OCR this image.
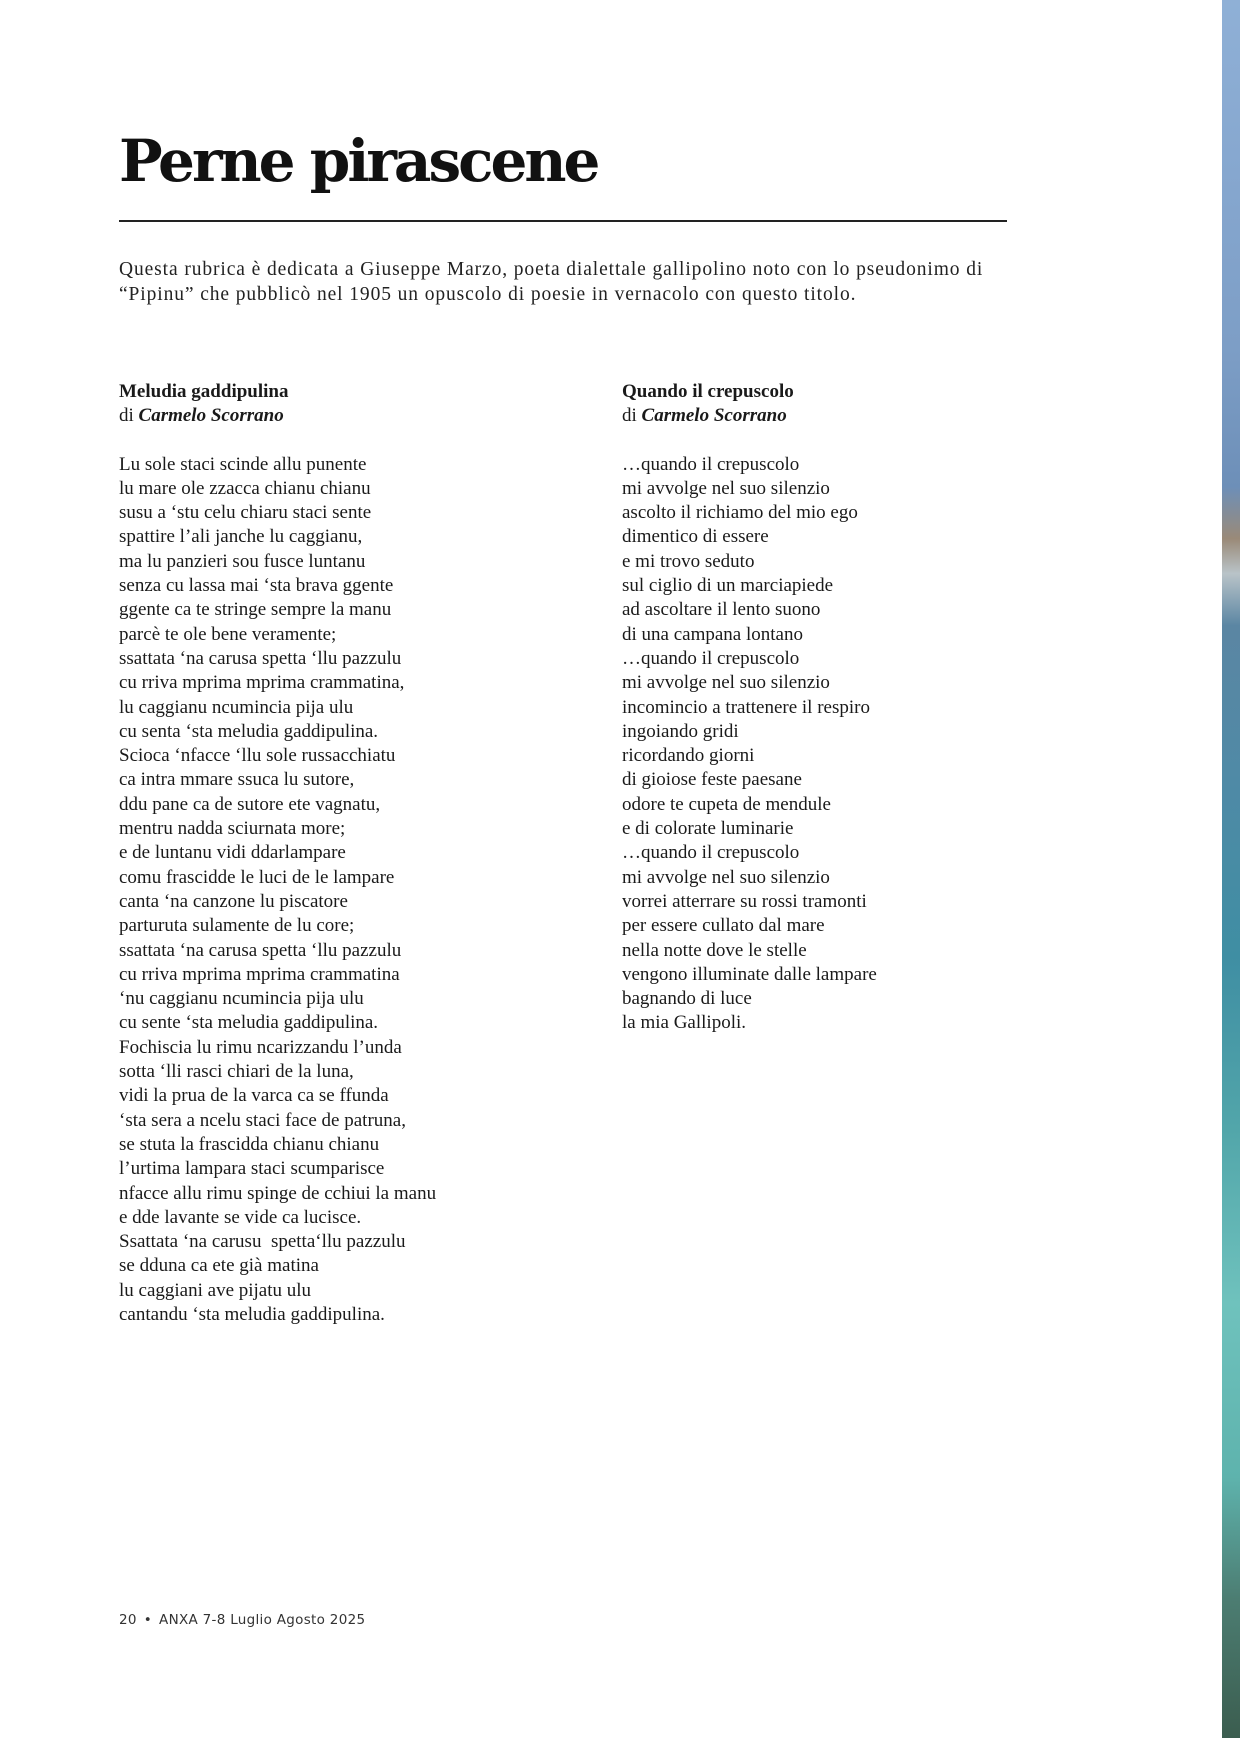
Perne pirascene

Questa rubrica è dedicata a Giuseppe Marzo, poeta dialettale gallipolino noto con lo pseudonimo di “Pipinu” che pubblicò nel 1905 un opuscolo di poesie in vernacolo con questo titolo.

Meludia gaddipulina
di Carmelo Scorrano
Lu sole staci scinde allu punente
lu mare ole zzacca chianu chianu
susu a ‘stu celu chiaru staci sente
spattire l’ali janche lu caggianu,
ma lu panzieri sou fusce luntanu
senza cu lassa mai ‘sta brava ggente
ggente ca te stringe sempre la manu
parcè te ole bene veramente;
ssattata ‘na carusa spetta ‘llu pazzulu
cu rriva mprima mprima crammatina,
lu caggianu ncumincia pija ulu
cu senta ‘sta meludia gaddipulina.
Scioca ‘nfacce ‘llu sole russacchiatu
ca intra mmare ssuca lu sutore,
ddu pane ca de sutore ete vagnatu,
mentru nadda sciurnata more;
e de luntanu vidi ddarlampare
comu frascidde le luci de le lampare
canta ‘na canzone lu piscatore
parturuta sulamente de lu core;
ssattata ‘na carusa spetta ‘llu pazzulu
cu rriva mprima mprima crammatina
‘nu caggianu ncumincia pija ulu
cu sente ‘sta meludia gaddipulina.
Fochiscia lu rimu ncarizzandu l’unda
sotta ‘lli rasci chiari de la luna,
vidi la prua de la varca ca se ffunda
‘sta sera a ncelu staci face de patruna,
se stuta la frascidda chianu chianu
l’urtima lampara staci scumparisce
nfacce allu rimu spinge de cchiui la manu
e dde lavante se vide ca lucisce.
Ssattata ‘na carusu  spetta‘llu pazzulu
se dduna ca ete già matina
lu caggiani ave pijatu ulu
cantandu ‘sta meludia gaddipulina.
Quando il crepuscolo
di Carmelo Scorrano
…quando il crepuscolo
mi avvolge nel suo silenzio
ascolto il richiamo del mio ego
dimentico di essere
e mi trovo seduto
sul ciglio di un marciapiede
ad ascoltare il lento suono
di una campana lontano
…quando il crepuscolo
mi avvolge nel suo silenzio
incomincio a trattenere il respiro
ingoiando gridi
ricordando giorni
di gioiose feste paesane
odore te cupeta de mendule
e di colorate luminarie
…quando il crepuscolo
mi avvolge nel suo silenzio
vorrei atterrare su rossi tramonti
per essere cullato dal mare
nella notte dove le stelle
vengono illuminate dalle lampare
bagnando di luce
la mia Gallipoli.
20 • ANXA 7-8 Luglio Agosto 2025
